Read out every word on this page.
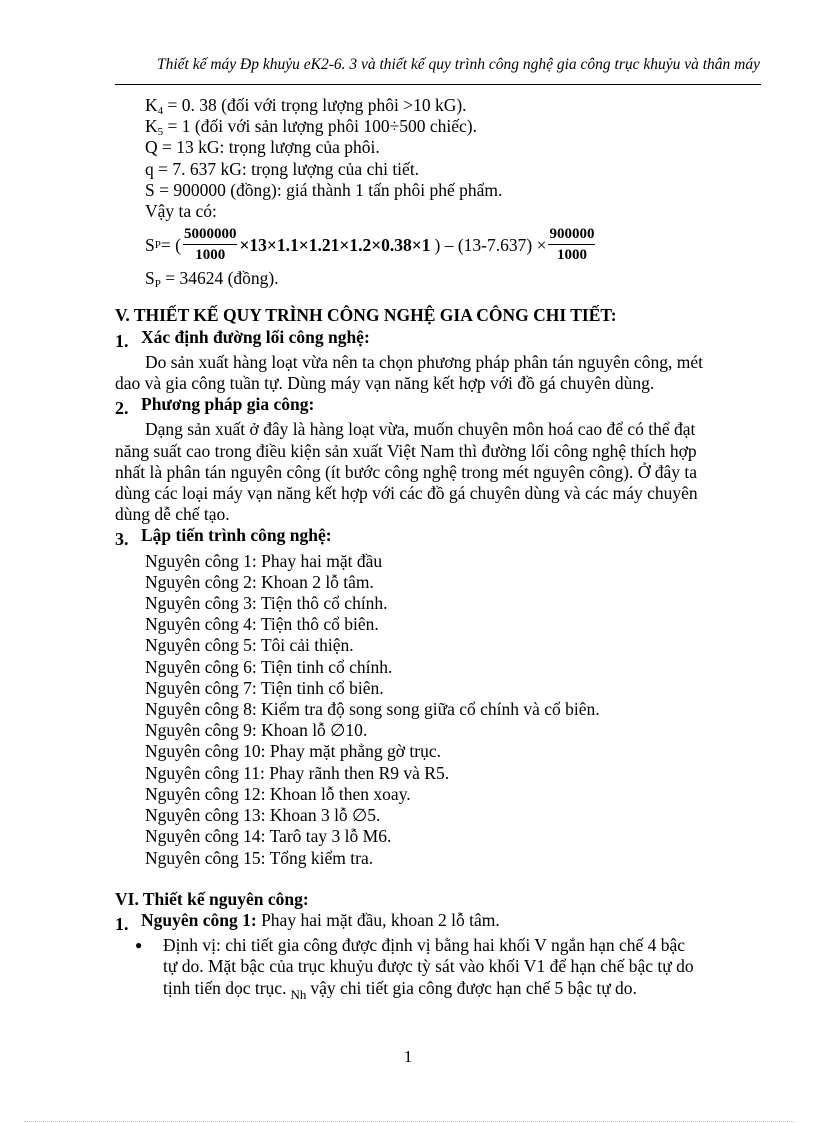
Thiết kế máy Ðp khuỷu eK2-6. 3 và thiết kế quy trình công nghệ gia công trục khuỷu và thân máy
$K_4 = 0$. 38 (đối với trọng lượng phôi >10 kG).
$K_5 = 1$ (đối với sản lượng phôi 100÷500 chiếc).
Q = 13 kG: trọng lượng của phôi.
q = 7. 637 kG: trọng lượng của chi tiết.
S = 900000 (đồng): giá thành 1 tấn phôi phế phẩm.
Vậy ta có:
S P = ( $\frac{5000000}{1000} \times 13\times 1.1\times 1.21\times 1.2\times 0.38\times 1$ ) – $(13-7.637) \times \frac{900000}{1000}$
$S_P = 34624$ (đồng).
V. THIẾT KẾ QUY TRÌNH CÔNG NGHỆ GIA CÔNG CHI TIẾT:
1. Xác định đường lối công nghệ:
Do sản xuất hàng loạt vừa nên ta chọn phương pháp phân tán nguyên công, mét
dao và gia công tuần tự. Dùng máy vạn năng kết hợp với đồ gá chuyên dùng.
2. Phương pháp gia công:
Dạng sản xuất ở đây là hàng loạt vừa, muốn chuyên môn hoá cao để có thể đạt
năng suất cao trong điều kiện sản xuất Việt Nam thì đường lối công nghệ thích hợp
nhất là phân tán nguyên công (ít bước công nghệ trong mét nguyên công). Ở đây ta
dùng các loại máy vạn năng kết hợp với các đồ gá chuyên dùng và các máy chuyên
dùng dễ chế tạo.
3. Lập tiến trình công nghệ:
Nguyên công 1: Phay hai mặt đầu
Nguyên công 2: Khoan 2 lỗ tâm.
Nguyên công 3: Tiện thô cổ chính.
Nguyên công 4: Tiện thô cổ biên.
Nguyên công 5: Tôi cải thiện.
Nguyên công 6: Tiện tinh cổ chính.
Nguyên công 7: Tiện tinh cổ biên.
Nguyên công 8: Kiểm tra độ song song giữa cổ chính và cổ biên.
Nguyên công 9: Khoan lỗ ∅10.
Nguyên công 10: Phay mặt phẳng gờ trục.
Nguyên công 11: Phay rãnh then R9 và R5.
Nguyên công 12: Khoan lỗ then xoay.
Nguyên công 13: Khoan 3 lỗ ∅5.
Nguyên công 14: Tarô tay 3 lỗ M6.
Nguyên công 15: Tổng kiểm tra.
VI. Thiết kế nguyên công:
1. Nguyên công 1: Phay hai mặt đầu, khoan 2 lỗ tâm.
●	Định vị: chi tiết gia công được định vị bằng hai khối V ngắn hạn chế 4 bậc
tự do. Mặt bậc của trục khuỷu được tỳ sát vào khối V1 để hạn chế bậc tự do
tịnh tiến dọc trục. $_{Nh}$ vậy chi tiết gia công được hạn chế 5 bậc tự do.
1
